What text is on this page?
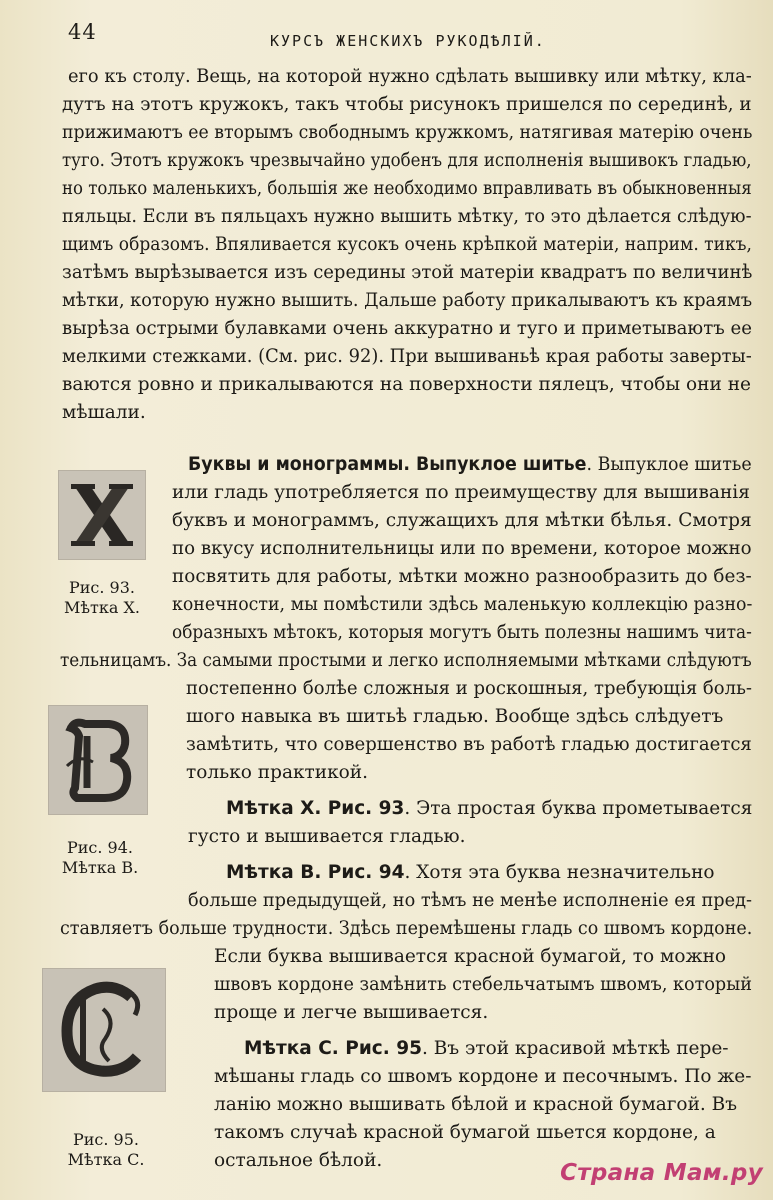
44	КУРСЪ ЖЕНСКИХЪ РУКОДѢЛІЙ.
его къ столу. Вещь, на которой нужно сдѣлать вышивку или мѣтку, кла-
дутъ на этотъ кружокъ, такъ чтобы рисунокъ пришелся по серединѣ, и
прижимаютъ ее вторымъ свободнымъ кружкомъ, натягивая матерію очень
туго. Этотъ кружокъ чрезвычайно удобенъ для исполненія вышивокъ гладью,
но только маленькихъ, большія же необходимо вправливать въ обыкновенныя
пяльцы. Если въ пяльцахъ нужно вышить мѣтку, то это дѣлается слѣдую-
щимъ образомъ. Впяливается кусокъ очень крѣпкой матеріи, наприм. тикъ,
затѣмъ вырѣзывается изъ середины этой матеріи квадратъ по величинѣ
мѣтки, которую нужно вышить. Дальше работу прикалываютъ къ краямъ
вырѣза острыми булавками очень аккуратно и туго и приметываютъ ее
мелкими стежками. (См. рис. 92). При вышиваньѣ края работы заверты-
ваются ровно и прикалываются на поверхности пялецъ, чтобы они не
мѣшали.
Рис. 93.
Мѣтка X.
Рис. 94.
Мѣтка В.
Рис. 95.
Мѣтка С.
Буквы и монограммы. Выпуклое шитье. Выпуклое шитье
или гладь употребляется по преимуществу для вышиванія
буквъ и монограммъ, служащихъ для мѣтки бѣлья. Смотря
по вкусу исполнительницы или по времени, которое можно
посвятить для работы, мѣтки можно разнообразить до без-
конечности, мы помѣстили здѣсь маленькую коллекцію разно-
образныхъ мѣтокъ, которыя могутъ быть полезны нашимъ чита-
тельницамъ. За самыми простыми и легко исполняемыми мѣтками слѣдуютъ
постепенно болѣе сложныя и роскошныя, требующія боль-
шого навыка въ шитьѣ гладью. Вообще здѣсь слѣдуетъ
замѣтить, что совершенство въ работѣ гладью достигается
только практикой.
Мѣтка X. Рис. 93. Эта простая буква прометывается
густо и вышивается гладью.
Мѣтка В. Рис. 94. Хотя эта буква незначительно
больше предыдущей, но тѣмъ не менѣе исполненіе ея пред-
ставляетъ больше трудности. Здѣсь перемѣшены гладь со швомъ кордоне.
Если буква вышивается красной бумагой, то можно
швовъ кордоне замѣнить стебельчатымъ швомъ, который
проще и легче вышивается.
Мѣтка С. Рис. 95. Въ этой красивой мѣткѣ пере-
мѣшаны гладь со швомъ кордоне и песочнымъ. По же-
ланію можно вышивать бѣлой и красной бумагой. Въ
такомъ случаѣ красной бумагой шьется кордоне, а
остальное бѣлой.	Страна Мам.ру
